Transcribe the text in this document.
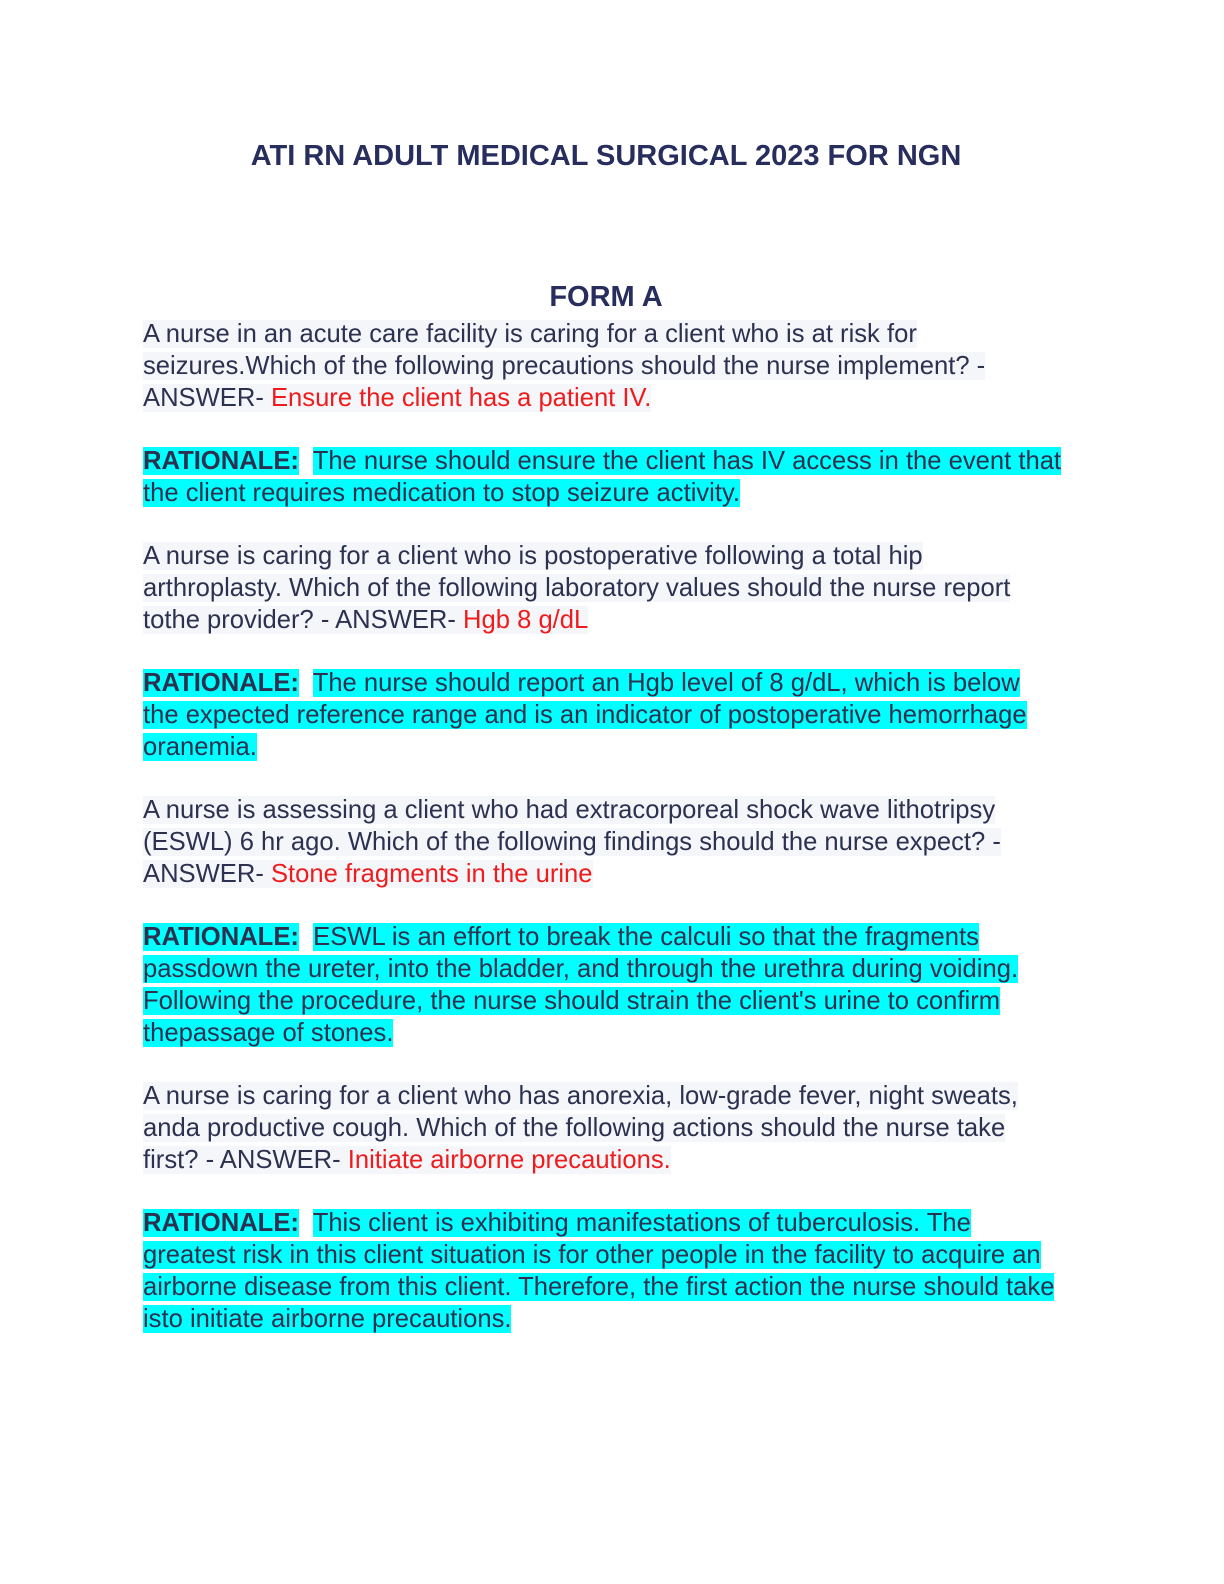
ATI RN ADULT MEDICAL SURGICAL 2023 FOR NGN
FORM A

A nurse in an acute care facility is caring for a client who is at risk for seizures.Which of the following precautions should the nurse implement? - ANSWER- Ensure the client has a patient IV.

RATIONALE: The nurse should ensure the client has IV access in the event that
the client requires medication to stop seizure activity.

A nurse is caring for a client who is postoperative following a total hip arthroplasty. Which of the following laboratory values should the nurse report tothe provider? - ANSWER- Hgb 8 g/dL

RATIONALE: The nurse should report an Hgb level of 8 g/dL, which is below
the expected reference range and is an indicator of postoperative hemorrhage oranemia.

A nurse is assessing a client who had extracorporeal shock wave lithotripsy (ESWL) 6 hr ago. Which of the following findings should the nurse expect? -ANSWER- Stone fragments in the urine

RATIONALE: ESWL is an effort to break the calculi so that the fragments passdown the ureter, into the bladder, and through the urethra during voiding.
Following the procedure, the nurse should strain the client's urine to confirm thepassage of stones.

A nurse is caring for a client who has anorexia, low-grade fever, night sweats, anda productive cough. Which of the following actions should the nurse take first? - ANSWER- Initiate airborne precautions.

RATIONALE: This client is exhibiting manifestations of tuberculosis. The greatest risk in this client situation is for other people in the facility to acquire an airborne disease from this client. Therefore, the first action the nurse should take isto initiate airborne precautions.
